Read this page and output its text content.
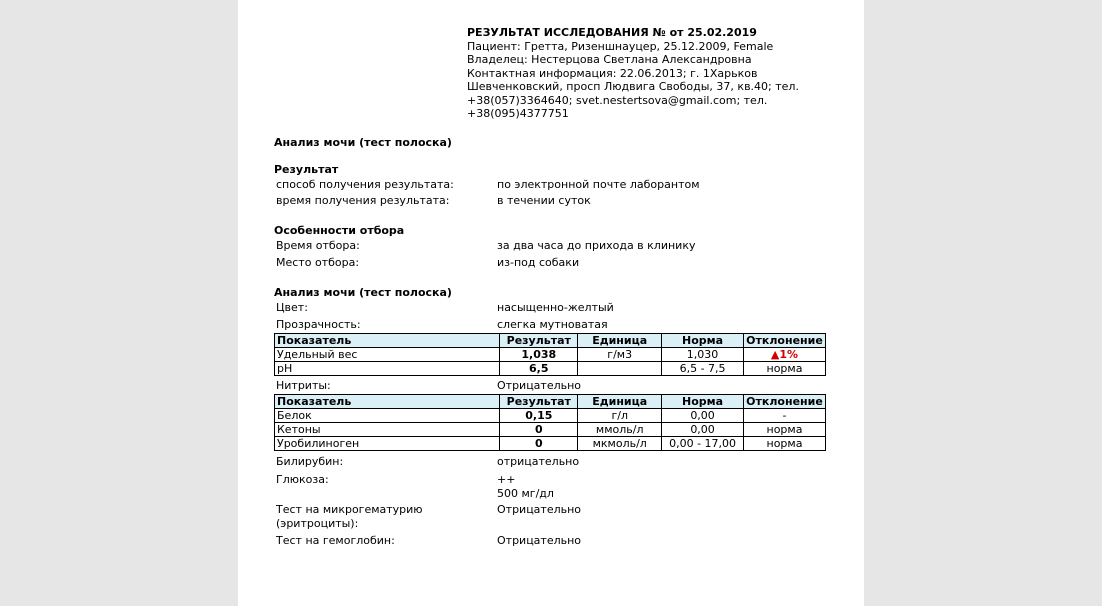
РЕЗУЛЬТАТ ИССЛЕДОВАНИЯ № от 25.02.2019
Пациент: Гретта, Ризеншнауцер, 25.12.2009, Female
Владелец: Нестерцова Светлана Александровна
Контактная информация: 22.06.2013; г. 1Харьков
Шевченковский, просп Людвига Свободы, 37, кв.40; тел.
+38(057)3364640; svet.nestertsova@gmail.com; тел.
+38(095)4377751
Анализ мочи (тест полоска)
Результат
способ получения результата:	по электронной почте лаборантом
время получения результата:	в течении суток
Особенности отбора
Время отбора:	за два часа до прихода в клинику
Место отбора:	из-под собаки
Анализ мочи (тест полоска)
Цвет:	насыщенно-желтый
Прозрачность:	слегка мутноватая
Показатель	Результат	Единица	Норма	Отклонение
Удельный вес	1,038	г/м3	1,030	▲1%
pH	6,5		6,5 - 7,5	норма
Нитриты:	Отрицательно
Показатель	Результат	Единица	Норма	Отклонение
Белок	0,15	г/л	0,00	-
Кетоны	0	ммоль/л	0,00	норма
Уробилиноген	0	мкмоль/л	0,00 - 17,00	норма
Билирубин:	отрицательно
Глюкоза:	++
500 мг/дл
Тест на микрогематурию	Отрицательно
(эритроциты):
Тест на гемоглобин:	Отрицательно
